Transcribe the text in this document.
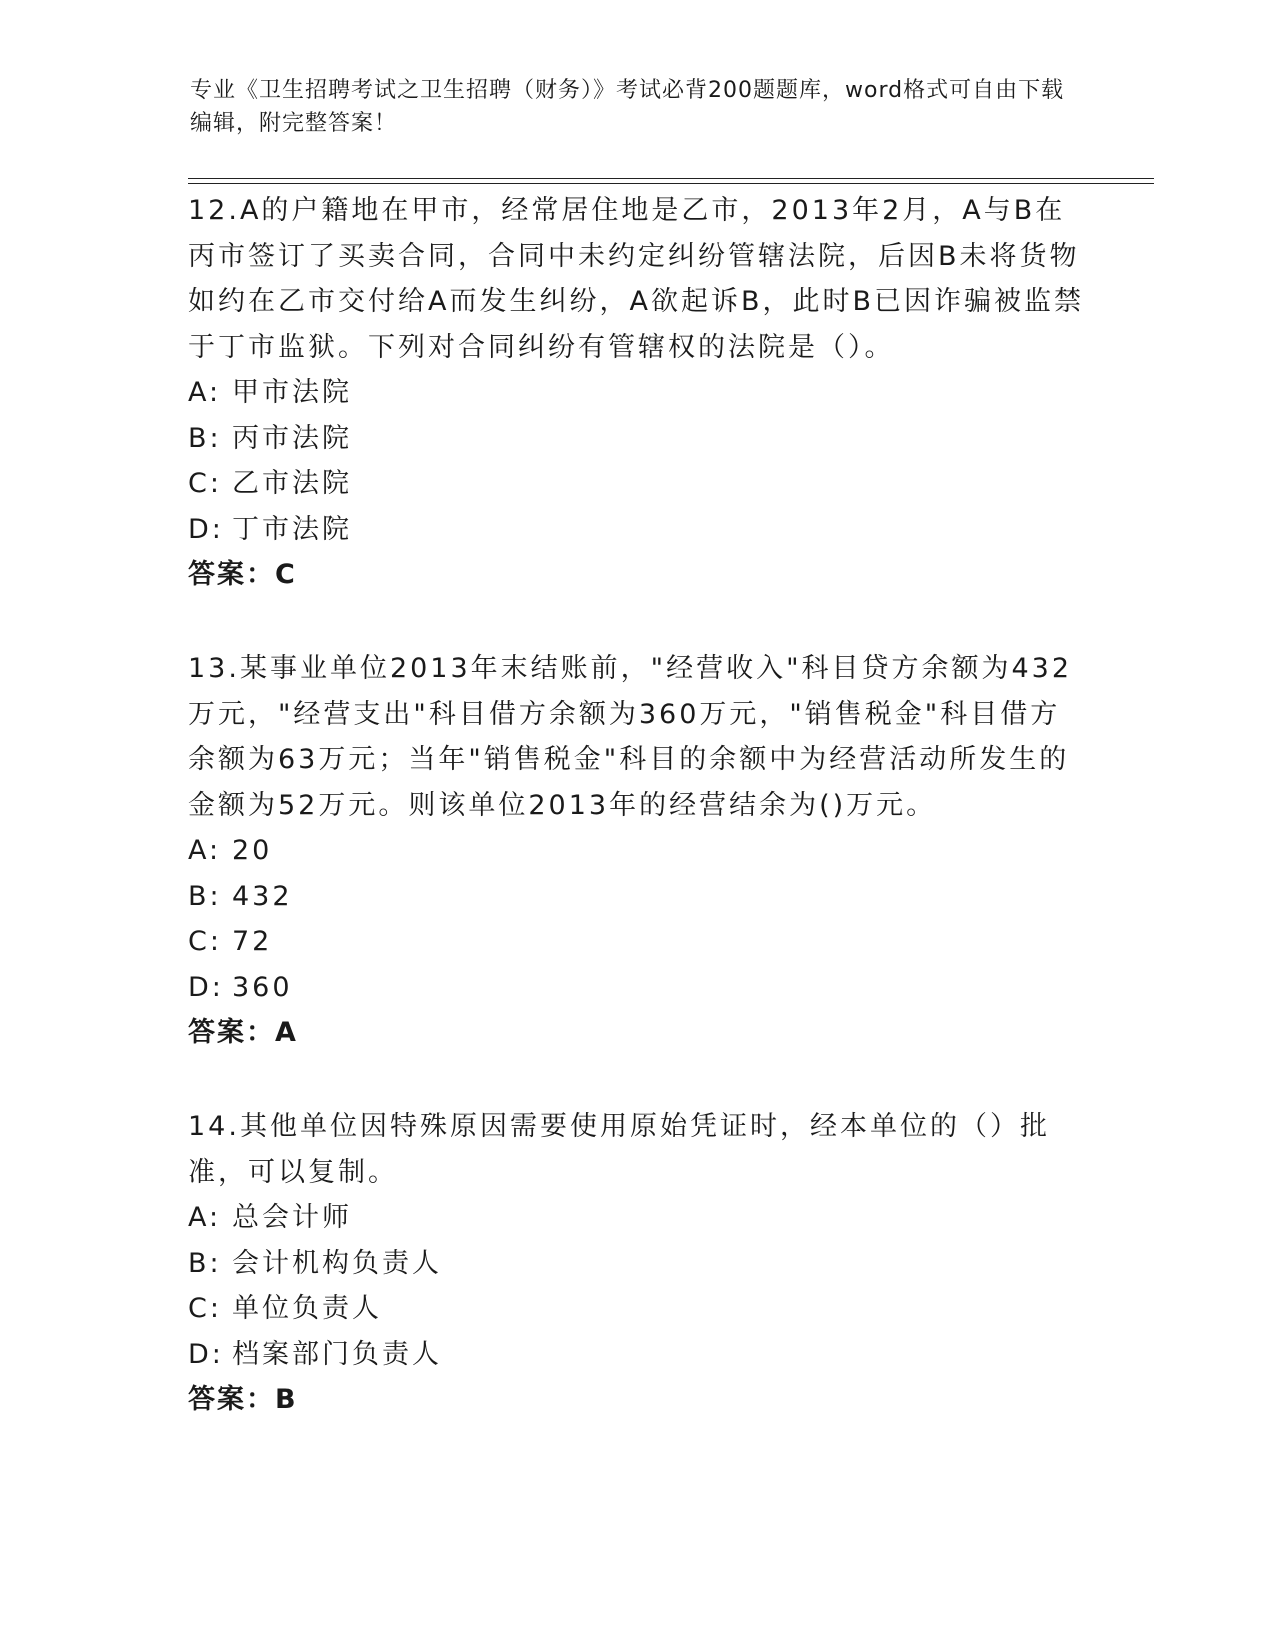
专业《卫生招聘考试之卫生招聘（财务）》考试必背200题题库，word格式可自由下载编辑，附完整答案！

12.A的户籍地在甲市，经常居住地是乙市，2013年2月，A与B在丙市签订了买卖合同，合同中未约定纠纷管辖法院，后因B未将货物如约在乙市交付给A而发生纠纷，A欲起诉B，此时B已因诈骗被监禁于丁市监狱。下列对合同纠纷有管辖权的法院是（）。

A: 甲市法院

B: 丙市法院

C: 乙市法院

D: 丁市法院

答案：C

13.某事业单位2013年末结账前，"经营收入"科目贷方余额为432万元，"经营支出"科目借方余额为360万元，"销售税金"科目借方余额为63万元；当年"销售税金"科目的余额中为经营活动所发生的金额为52万元。则该单位2013年的经营结余为()万元。

A: 20

B: 432

C: 72

D: 360

答案：A

14.其他单位因特殊原因需要使用原始凭证时，经本单位的（）批准，可以复制。

A: 总会计师

B: 会计机构负责人

C: 单位负责人

D: 档案部门负责人

答案：B
